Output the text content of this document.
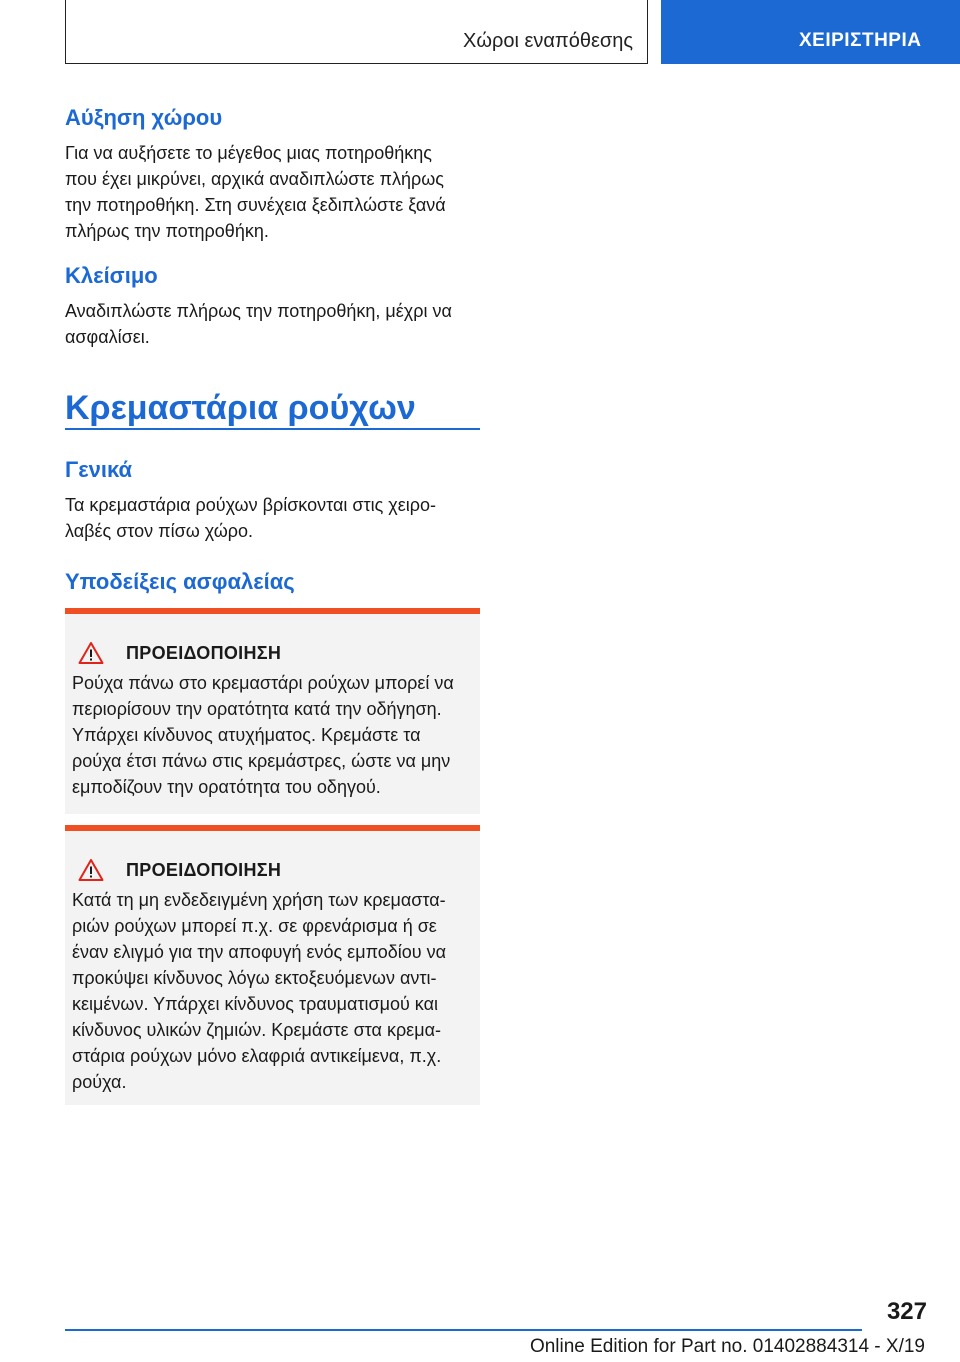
Χώροι εναπόθεσης	ΧΕΙΡΙΣΤΗΡΙΑ
Αύξηση χώρου

Για να αυξήσετε το μέγεθος μιας ποτηροθήκης

που έχει μικρύνει, αρχικά αναδιπλώστε πλήρως

την ποτηροθήκη. Στη συνέχεια ξεδιπλώστε ξανά

πλήρως την ποτηροθήκη.

Κλείσιμο

Αναδιπλώστε πλήρως την ποτηροθήκη, μέχρι να

ασφαλίσει.

Κρεμαστάρια ρούχων
Γενικά

Τα κρεμαστάρια ρούχων βρίσκονται στις χειρο-

λαβές στον πίσω χώρο.

Υποδείξεις ασφαλείας
ΠΡΟΕΙΔΟΠΟΙΗΣΗ

Ρούχα πάνω στο κρεμαστάρι ρούχων μπορεί να

περιορίσουν την ορατότητα κατά την οδήγηση.

Υπάρχει κίνδυνος ατυχήματος. Κρεμάστε τα

ρούχα έτσι πάνω στις κρεμάστρες, ώστε να μην

εμποδίζουν την ορατότητα του οδηγού.

ΠΡΟΕΙΔΟΠΟΙΗΣΗ

Κατά τη μη ενδεδειγμένη χρήση των κρεμαστα-

ριών ρούχων μπορεί π.χ. σε φρενάρισμα ή σε

έναν ελιγμό για την αποφυγή ενός εμποδίου να

προκύψει κίνδυνος λόγω εκτοξευόμενων αντι-

κειμένων. Υπάρχει κίνδυνος τραυματισμού και

κίνδυνος υλικών ζημιών. Κρεμάστε στα κρεμα-

στάρια ρούχων μόνο ελαφριά αντικείμενα, π.χ.

ρούχα.

327
Online Edition for Part no. 01402884314 - X/19
